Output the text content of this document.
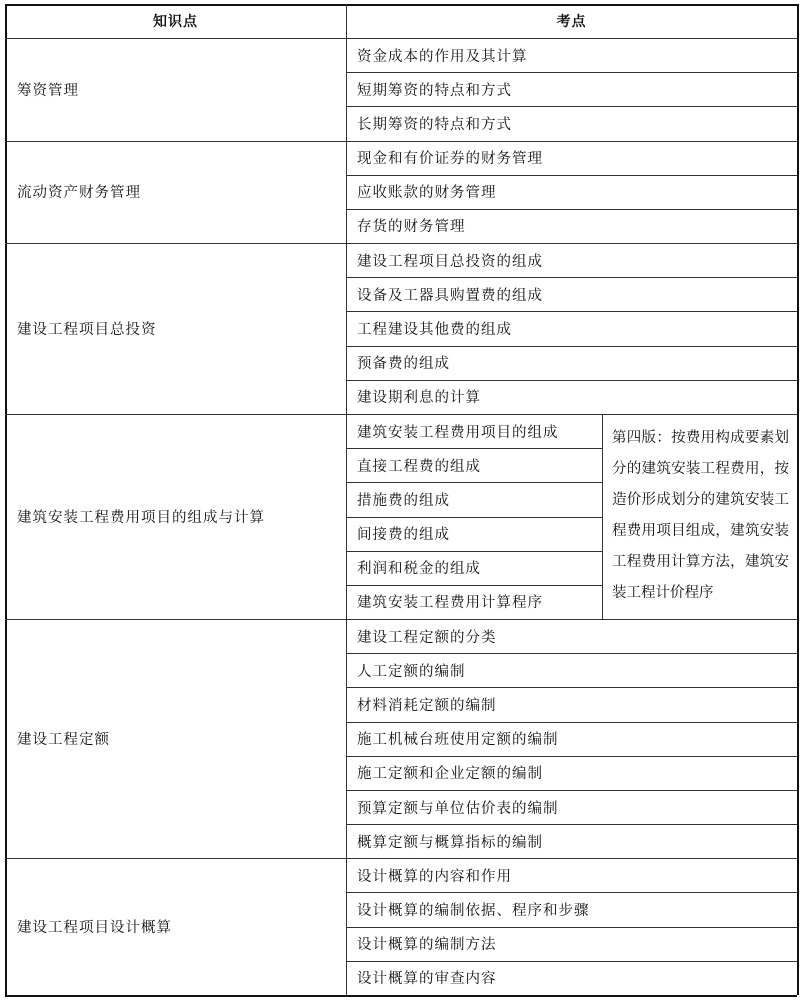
知识点	考点
筹资管理
资金成本的作用及其计算
短期筹资的特点和方式
长期筹资的特点和方式
流动资产财务管理
现金和有价证券的财务管理
应收账款的财务管理
存货的财务管理
建设工程项目总投资
建设工程项目总投资的组成
设备及工器具购置费的组成
工程建设其他费的组成
预备费的组成
建设期利息的计算
建筑安装工程费用项目的组成与计算
建筑安装工程费用项目的组成
直接工程费的组成
措施费的组成
间接费的组成
利润和税金的组成
建筑安装工程费用计算程序
第四版：按费用构成要素划分的建筑安装工程费用，按造价形成划分的建筑安装工程费用项目组成，建筑安装工程费用计算方法，建筑安装工程计价程序
建设工程定额
建设工程定额的分类
人工定额的编制
材料消耗定额的编制
施工机械台班使用定额的编制
施工定额和企业定额的编制
预算定额与单位估价表的编制
概算定额与概算指标的编制
建设工程项目设计概算
设计概算的内容和作用
设计概算的编制依据、程序和步骤
设计概算的编制方法
设计概算的审查内容
